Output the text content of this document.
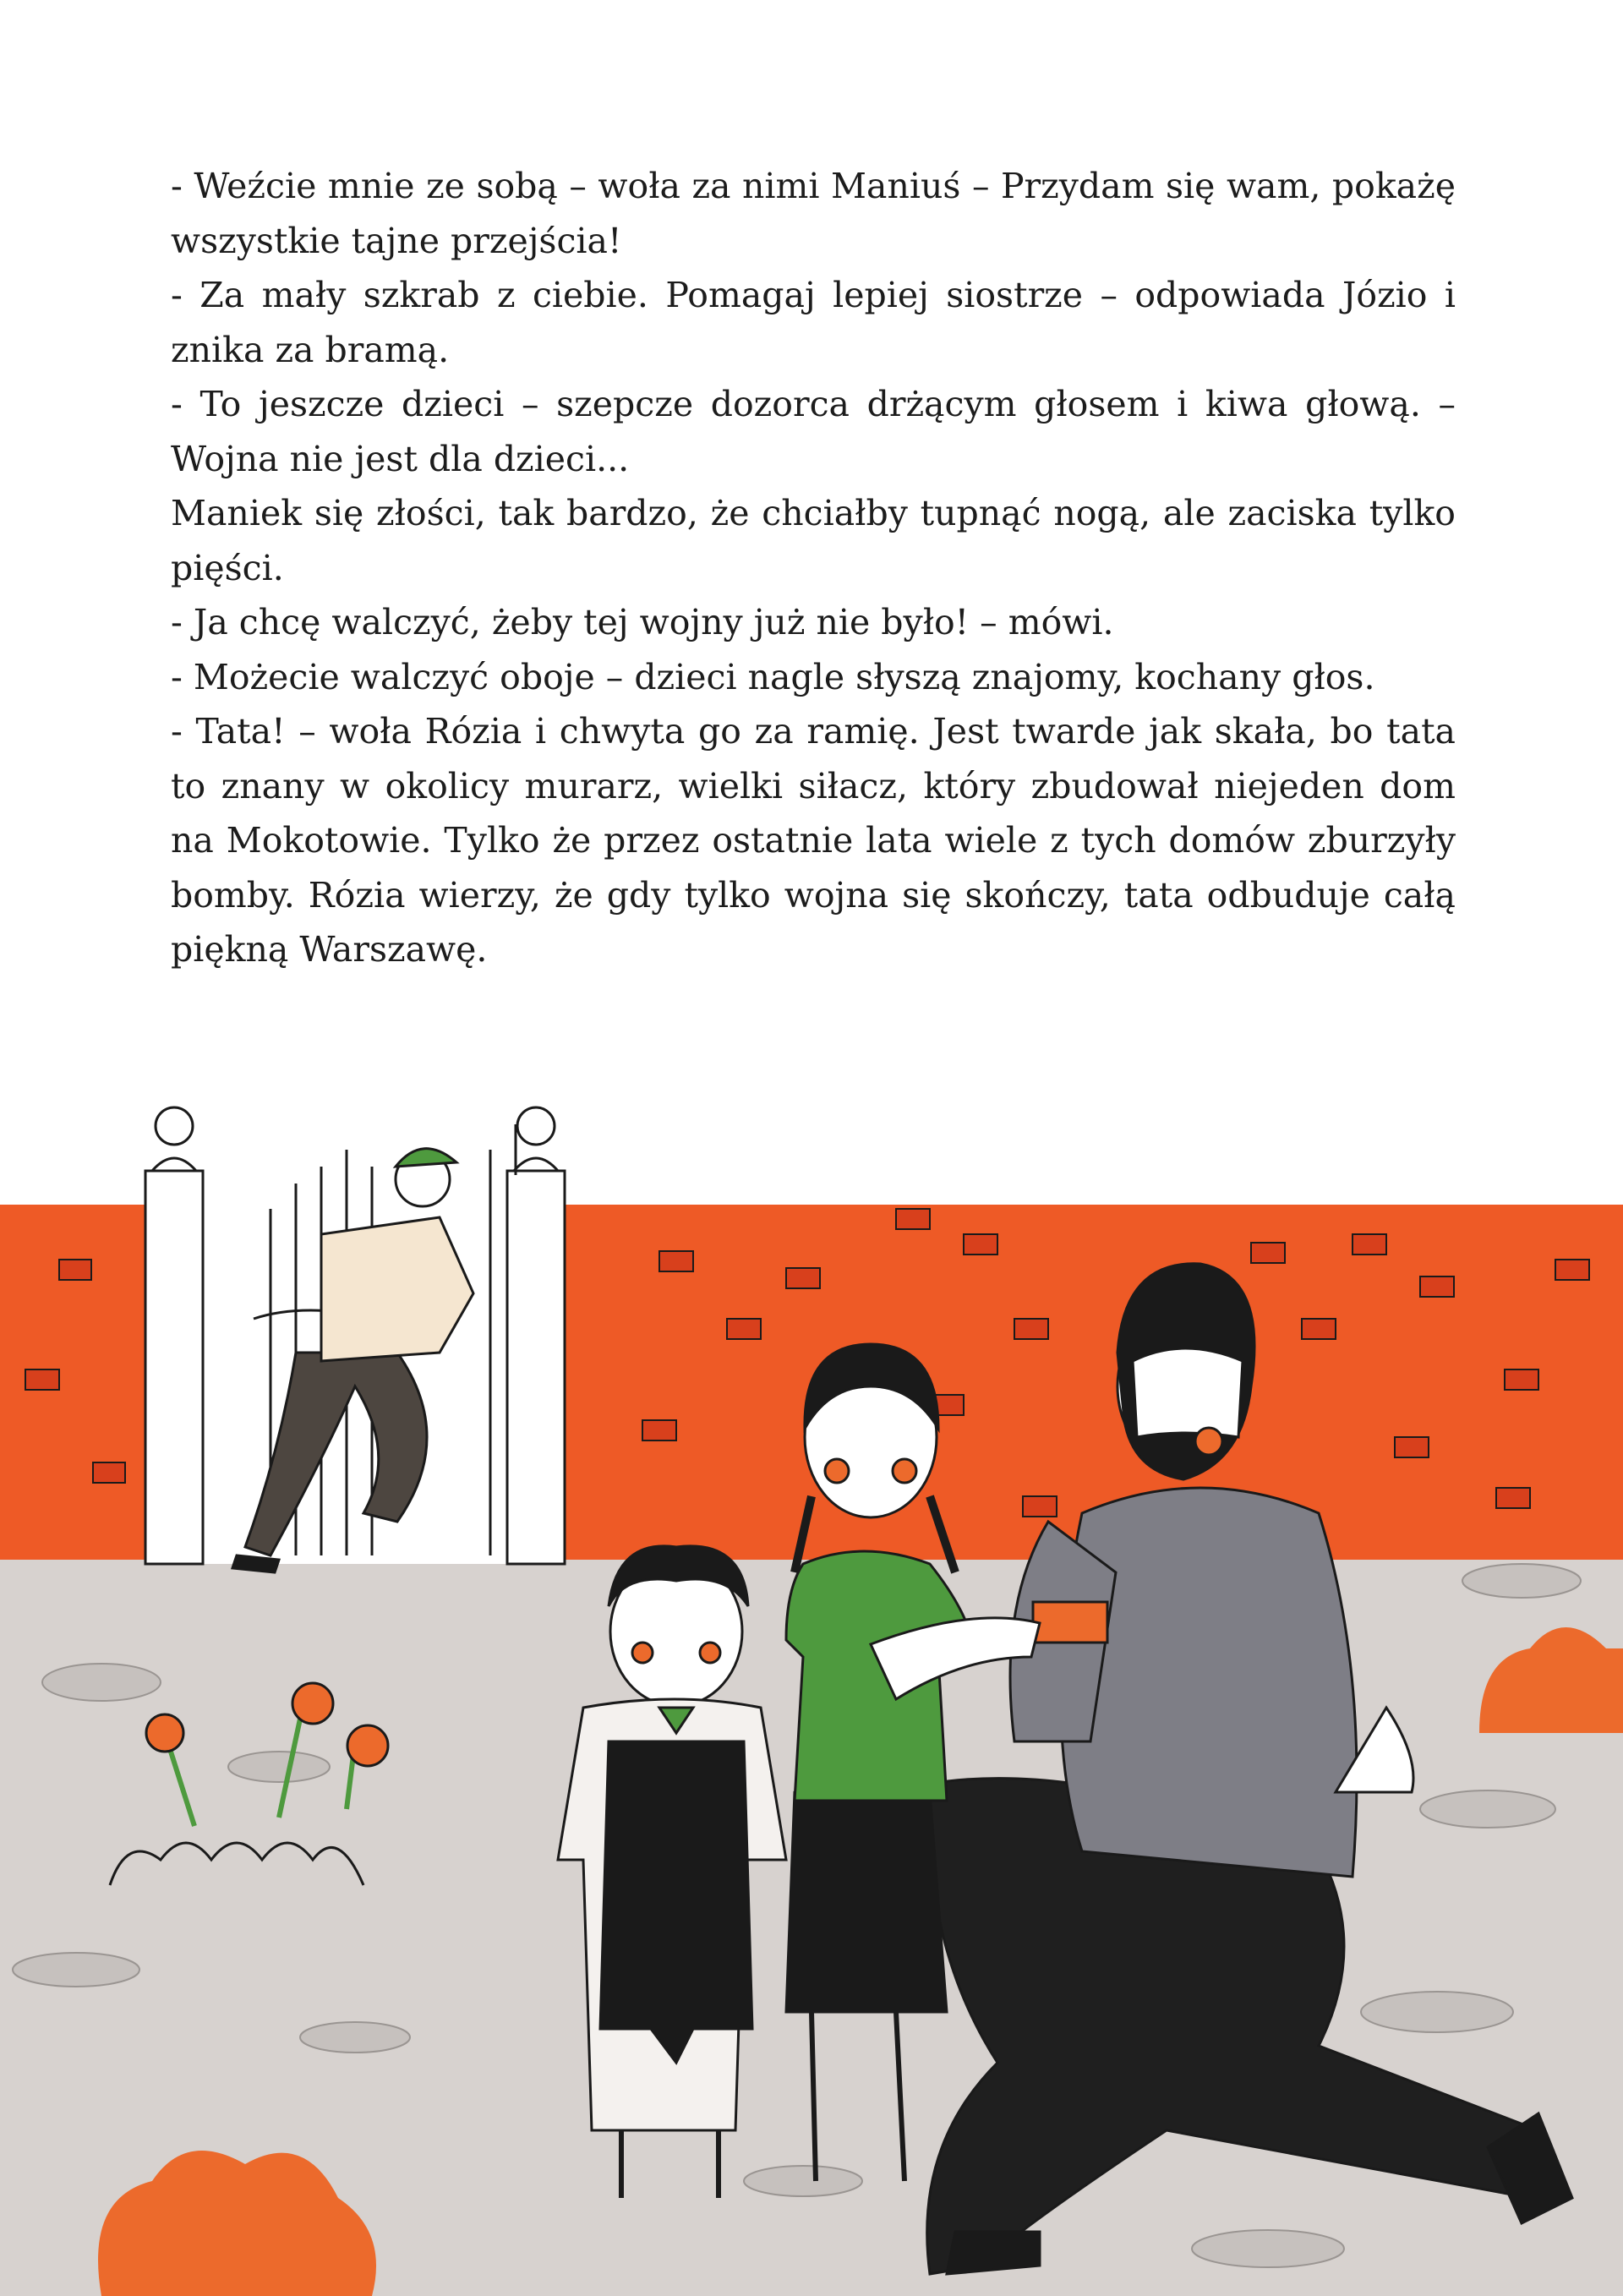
- Weźcie mnie ze sobą – woła za nimi Maniuś – Przydam się wam, pokażę wszystkie tajne przejścia!

- Za mały szkrab z ciebie. Pomagaj lepiej siostrze – odpowiada Józio i znika za bramą.

- To jeszcze dzieci – szepcze dozorca drżącym głosem i kiwa głową. – Wojna nie jest dla dzieci...

Maniek się złości, tak bardzo, że chciałby tupnąć nogą, ale zaciska tylko pięści.

- Ja chcę walczyć, żeby tej wojny już nie było! – mówi.

- Możecie walczyć oboje – dzieci nagle słyszą znajomy, kochany głos.

- Tata! – woła Rózia i chwyta go za ramię. Jest twarde jak skała, bo tata to znany w okolicy murarz, wielki siłacz, który zbudował niejeden dom na Mokotowie. Tylko że przez ostatnie lata wiele z tych domów zburzyły bomby. Rózia wierzy, że gdy tylko wojna się skończy, tata odbuduje całą piękną Warszawę.
